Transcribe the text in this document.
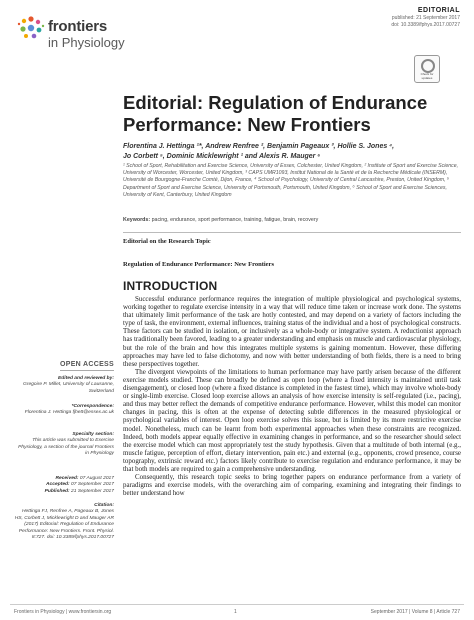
frontiers
in Physiology
EDITORIAL
published: 21 September 2017
doi: 10.3389/fphys.2017.00727
Check for updates
Editorial: Regulation of Endurance
Performance: New Frontiers
Florentina J. Hettinga ¹*, Andrew Renfree ², Benjamin Pageaux ³, Hollie S. Jones ⁴,
Jo Corbett ⁵, Dominic Micklewright ¹ and Alexis R. Mauger ⁶
¹ School of Sport, Rehabilitation and Exercise Science, University of Essex, Colchester, United Kingdom, ² Institute of Sport and Exercise Science, University of Worcester, Worcester, United Kingdom, ³ CAPS UMR1093, Institut National de la Santé et de la Recherche Médicale (INSERM), Université de Bourgogne-Franche Comté, Dijon, France, ⁴ School of Psychology, University of Central Lancashire, Preston, United Kingdom, ⁵ Department of Sport and Exercise Science, University of Portsmouth, Portsmouth, United Kingdom, ⁶ School of Sport and Exercise Sciences, University of Kent, Canterbury, United Kingdom
Keywords: pacing, endurance, sport performance, training, fatigue, brain, recovery
Editorial on the Research Topic
Regulation of Endurance Performance: New Frontiers
INTRODUCTION

Successful endurance performance requires the integration of multiple physiological and psychological systems, working together to regulate exercise intensity in a way that will reduce time taken or increase work done. The systems that ultimately limit performance of the task are hotly contested, and may depend on a variety of factors including the type of task, the environment, external influences, training status of the individual and a host of psychological constructs. These factors can be studied in isolation, or inclusively as a whole-body or integrative system. A reductionist approach has traditionally been favored, leading to a greater understanding and emphasis on muscle and cardiovascular physiology, but the role of the brain and how this integrates multiple systems is gaining momentum. However, these differing approaches may have led to false dichotomy, and now with better understanding of both fields, there is a need to bring these perspectives together.

The divergent viewpoints of the limitations to human performance may have partly arisen because of the different exercise models studied. These can broadly be defined as open loop (where a fixed intensity is maintained until task disengagement), or closed loop (where a fixed distance is completed in the fastest time), which may involve whole-body or single-limb exercise. Closed loop exercise allows an analysis of how exercise intensity is self-regulated (i.e., pacing), and thus may better reflect the demands of competitive endurance performance. However, whilst this model can monitor changes in pacing, this is often at the expense of detecting subtle differences in the measured physiological or psychological variables of interest. Open loop exercise solves this issue, but is limited by its more restrictive exercise model. Nonetheless, much can be learnt from both experimental approaches when these constraints are recognized. Indeed, both models appear equally effective in examining changes in performance, and so the researcher should select the exercise model which can most appropriately test the study hypothesis. Given that a multitude of both internal (e.g., muscle fatigue, perception of effort, dietary intervention, pain etc.) and external (e.g., opponents, crowd presence, course topography, extrinsic reward etc.) factors likely contribute to exercise regulation and endurance performance, it may be that both models are required to gain a comprehensive understanding.

Consequently, this research topic seeks to bring together papers on endurance performance from a variety of paradigms and exercise models, with the overarching aim of comparing, examining and integrating their findings to better understand how

OPEN ACCESS
Edited and reviewed by:
Gregoire P. Millet, University of Lausanne, Switzerland
*Correspondence:
Florentina J. Hettinga fjhett@essex.ac.uk
Specialty section:
This article was submitted to Exercise Physiology, a section of the journal Frontiers in Physiology
Received: 07 August 2017
Accepted: 07 September 2017
Published: 21 September 2017
Citation:
Hettinga FJ, Renfree A, Pageaux B, Jones HS, Corbett J, Micklewright D and Mauger AR (2017) Editorial: Regulation of Endurance Performance: New Frontiers. Front. Physiol. 8:727. doi: 10.3389/fphys.2017.00727
Frontiers in Physiology | www.frontiersin.org	1	September 2017 | Volume 8 | Article 727
